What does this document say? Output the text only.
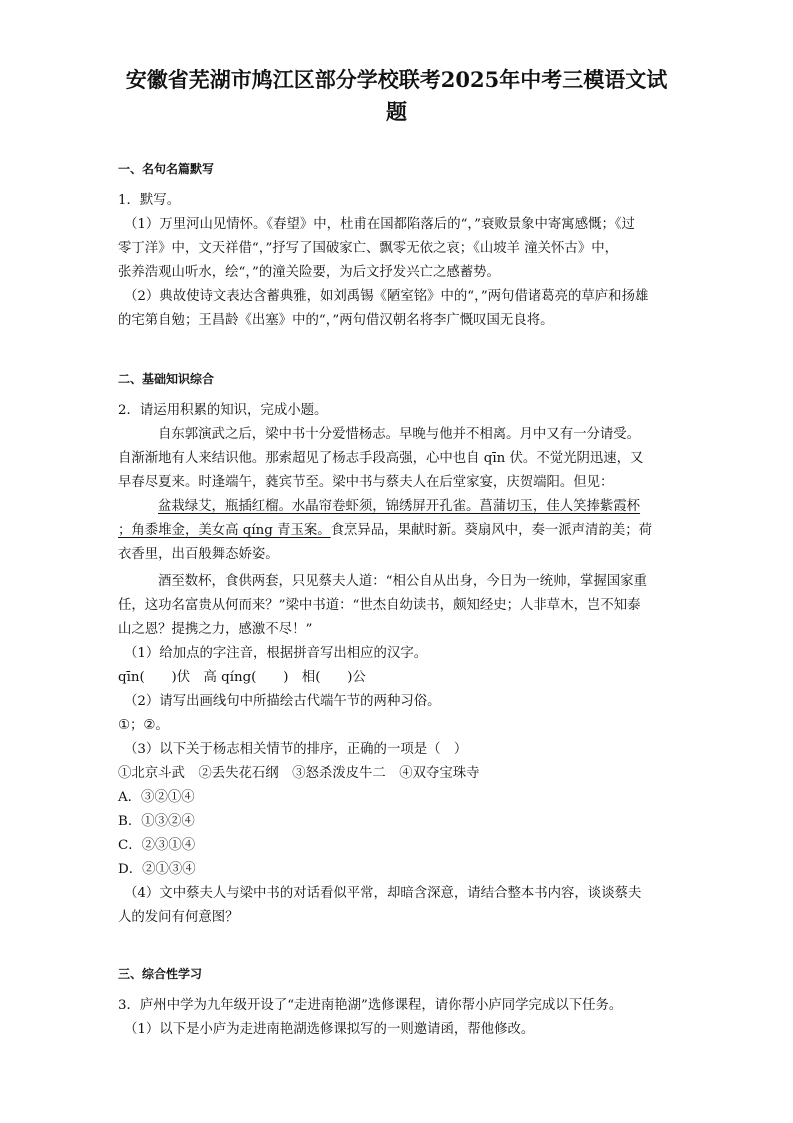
安徽省芜湖市鸠江区部分学校联考2025年中考三模语文试
题
一、名句名篇默写
1．默写。
（1）万里河山见情怀。《春望》中，杜甫在国都陷落后的“，”衰败景象中寄寓感慨；《过
零丁洋》中，文天祥借“，”抒写了国破家亡、飘零无依之哀；《山坡羊 潼关怀古》中，
张养浩观山听水，绘“，”的潼关险要，为后文抒发兴亡之感蓄势。
（2）典故使诗文表达含蓄典雅，如刘禹锡《陋室铭》中的“，”两句借诸葛亮的草庐和扬雄
的宅第自勉；王昌龄《出塞》中的“，”两句借汉朝名将李广慨叹国无良将。
二、基础知识综合
2．请运用积累的知识，完成小题。
自东郭演武之后，梁中书十分爱惜杨志。早晚与他并不相离。月中又有一分请受。
自渐渐地有人来结识他。那索超见了杨志手段高强，心中也自 qīn 伏。不觉光阴迅速，又
早春尽夏来。时逢端午，蕤宾节至。梁中书与蔡夫人在后堂家宴，庆贺端阳。但见：
盆栽绿艾，瓶插红榴。水晶帘卷虾须，锦绣屏开孔雀。菖蒲切玉，佳人笑捧紫霞杯
；角黍堆金，美女高 qíng 青玉案。食烹异品，果献时新。葵扇风中，奏一派声清韵美；荷
衣香里，出百般舞态娇姿。
酒至数杯，食供两套，只见蔡夫人道：“相公自从出身，今日为一统帅，掌握国家重
任，这功名富贵从何而来？”梁中书道：“世杰自幼读书，颇知经史；人非草木，岂不知泰
山之恩？提携之力，感激不尽！”
（1）给加点的字注音，根据拼音写出相应的汉字。
qīn(　　)伏　高 qíng(　　)　相(　　)公
（2）请写出画线句中所描绘古代端午节的两种习俗。
①；②。
（3）以下关于杨志相关情节的排序，正确的一项是（　）
①北京斗武　②丢失花石纲　③怒杀泼皮牛二　④双夺宝珠寺
A．③②①④
B．①③②④
C．②③①④
D．②①③④
（4）文中蔡夫人与梁中书的对话看似平常，却暗含深意，请结合整本书内容，谈谈蔡夫
人的发问有何意图？
三、综合性学习
3．庐州中学为九年级开设了“走进南艳湖”选修课程，请你帮小庐同学完成以下任务。
（1）以下是小庐为走进南艳湖选修课拟写的一则邀请函，帮他修改。
